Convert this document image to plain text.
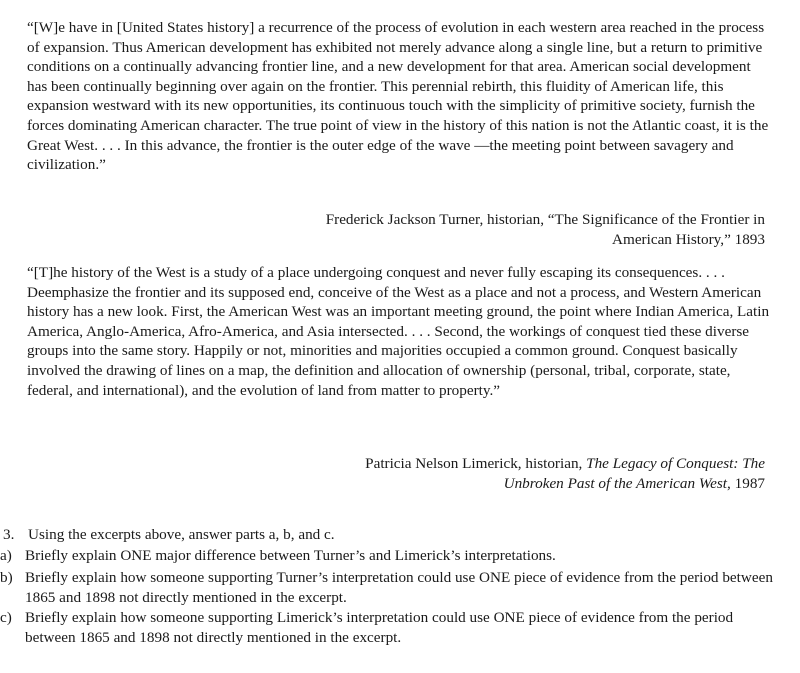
“[W]e have in [United States history] a recurrence of the process of evolution in each western area reached in the process of expansion. Thus American development has exhibited not merely advance along a single line, but a return to primitive conditions on a continually advancing frontier line, and a new development for that area. American social development has been continually beginning over again on the frontier. This perennial rebirth, this fluidity of American life, this expansion westward with its new opportunities, its continuous touch with the simplicity of primitive society, furnish the forces dominating American character. The true point of view in the history of this nation is not the Atlantic coast, it is the Great West. . . . In this advance, the frontier is the outer edge of the wave —the meeting point between savagery and civilization.”

Frederick Jackson Turner, historian, “The Significance of the Frontier in
American History,” 1893

“[T]he history of the West is a study of a place undergoing conquest and never fully escaping its consequences. . . . Deemphasize the frontier and its supposed end, conceive of the West as a place and not a process, and Western American history has a new look. First, the American West was an important meeting ground, the point where Indian America, Latin America, Anglo-America, Afro-America, and Asia intersected. . . . Second, the workings of conquest tied these diverse groups into the same story. Happily or not, minorities and majorities occupied a common ground. Conquest basically involved the drawing of lines on a map, the definition and allocation of ownership (personal, tribal, corporate, state, federal, and international), and the evolution of land from matter to property.”

Patricia Nelson Limerick, historian, The Legacy of Conquest: The
Unbroken Past of the American West, 1987
3. Using the excerpts above, answer parts a, b, and c.
a) Briefly explain ONE major difference between Turner’s and Limerick’s interpretations.
b) Briefly explain how someone supporting Turner’s interpretation could use ONE piece of evidence from the period between 1865 and 1898 not directly mentioned in the excerpt.
c) Briefly explain how someone supporting Limerick’s interpretation could use ONE piece of evidence from the period between 1865 and 1898 not directly mentioned in the excerpt.
